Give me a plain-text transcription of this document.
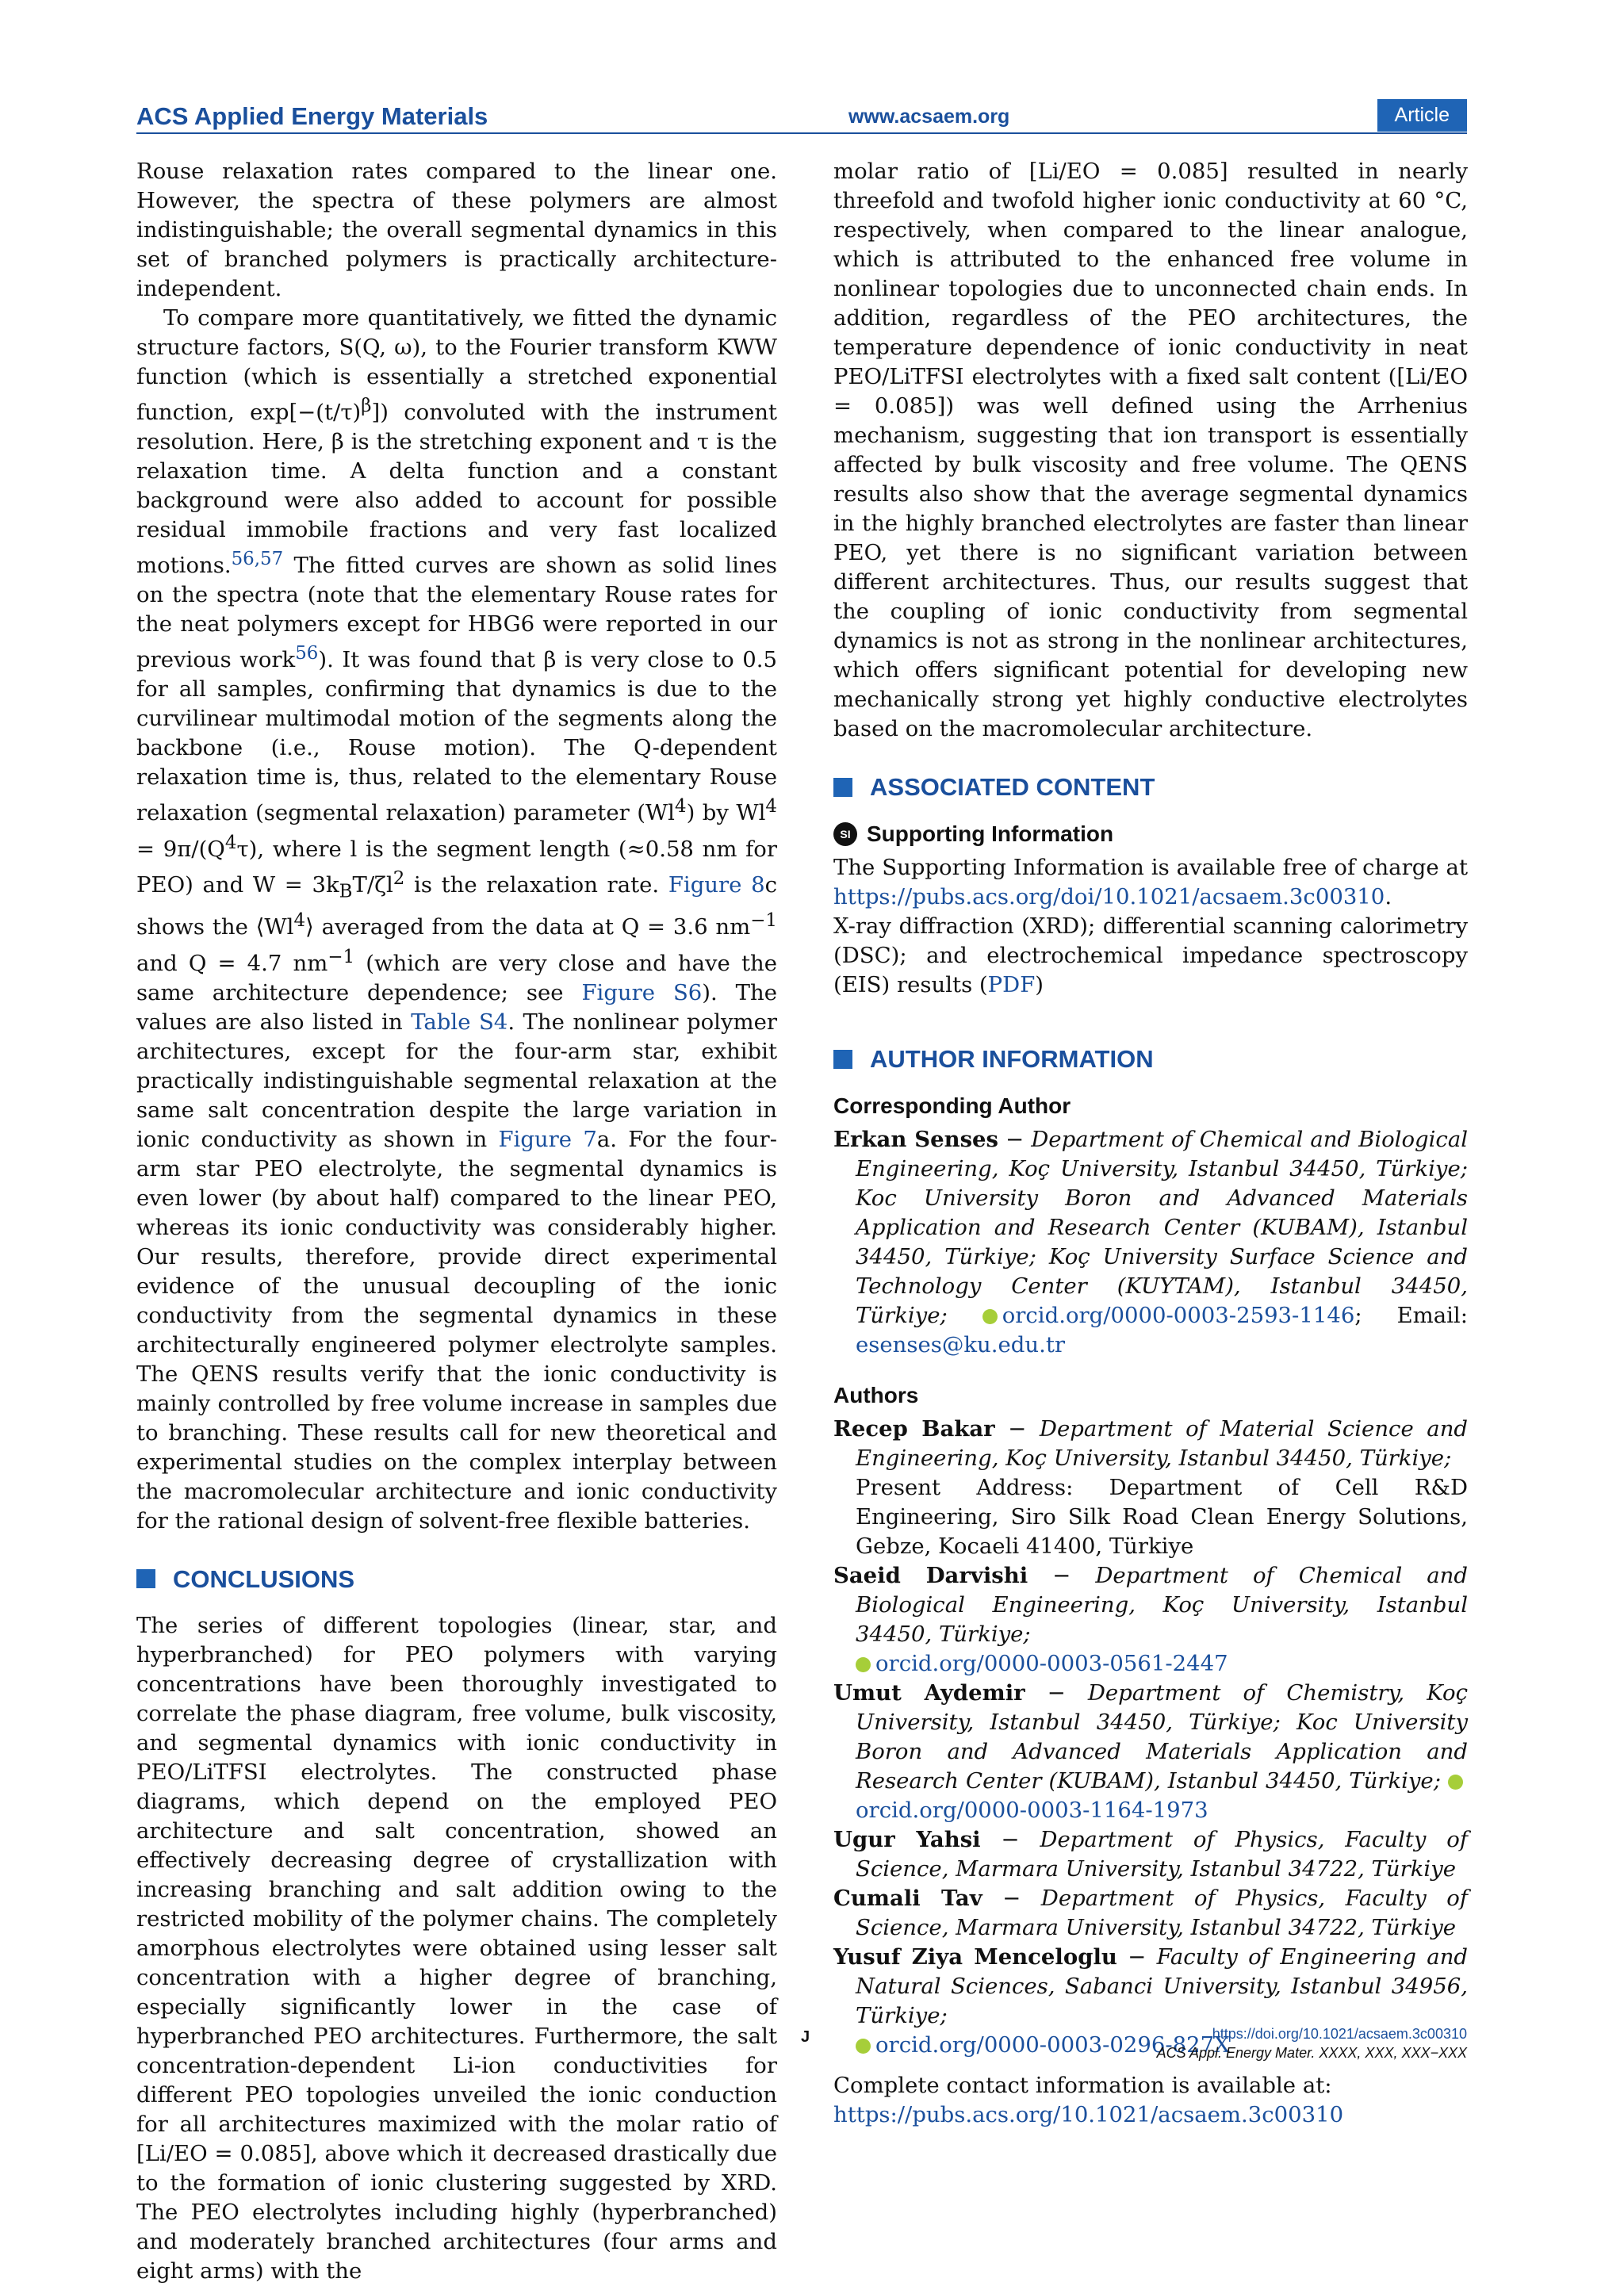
ACS Applied Energy Materials	www.acsaem.org	Article

Rouse relaxation rates compared to the linear one. However, the spectra of these polymers are almost indistinguishable; the overall segmental dynamics in this set of branched polymers is practically architecture-independent.

To compare more quantitatively, we fitted the dynamic structure factors, S(Q, ω), to the Fourier transform KWW function (which is essentially a stretched exponential function, $\exp[-(t/\tau)^\beta]$) convoluted with the instrument resolution. Here, β is the stretching exponent and τ is the relaxation time. A delta function and a constant background were also added to account for possible residual immobile fractions and very fast localized motions.$^{56,57}$ The fitted curves are shown as solid lines on the spectra (note that the elementary Rouse rates for the neat polymers except for HBG6 were reported in our previous work$^{56}$). It was found that β is very close to 0.5 for all samples, confirming that dynamics is due to the curvilinear multimodal motion of the segments along the backbone (i.e., Rouse motion). The Q-dependent relaxation time is, thus, related to the elementary Rouse relaxation (segmental relaxation) parameter (Wl$^4$) by $Wl^4 = 9\pi/(Q^4\tau)$, where l is the segment length (≈0.58 nm for PEO) and $W = 3k_BT/\zeta l^2$ is the relaxation rate. Figure 8c shows the ⟨Wl$^4$⟩ averaged from the data at Q = 3.6 $nm^{-1}$ and Q = 4.7 $nm^{-1}$ (which are very close and have the same architecture dependence; see Figure S6). The values are also listed in Table S4. The nonlinear polymer architectures, except for the four-arm star, exhibit practically indistinguishable segmental relaxation at the same salt concentration despite the large variation in ionic conductivity as shown in Figure 7a. For the four-arm star PEO electrolyte, the segmental dynamics is even lower (by about half) compared to the linear PEO, whereas its ionic conductivity was considerably higher. Our results, therefore, provide direct experimental evidence of the unusual decoupling of the ionic conductivity from the segmental dynamics in these architecturally engineered polymer electrolyte samples. The QENS results verify that the ionic conductivity is mainly controlled by free volume increase in samples due to branching. These results call for new theoretical and experimental studies on the complex interplay between the macromolecular architecture and ionic conductivity for the rational design of solvent-free flexible batteries.

CONCLUSIONS

The series of different topologies (linear, star, and hyperbranched) for PEO polymers with varying concentrations have been thoroughly investigated to correlate the phase diagram, free volume, bulk viscosity, and segmental dynamics with ionic conductivity in PEO/LiTFSI electrolytes. The constructed phase diagrams, which depend on the employed PEO architecture and salt concentration, showed an effectively decreasing degree of crystallization with increasing branching and salt addition owing to the restricted mobility of the polymer chains. The completely amorphous electrolytes were obtained using lesser salt concentration with a higher degree of branching, especially significantly lower in the case of hyperbranched PEO architectures. Furthermore, the salt concentration-dependent Li-ion conductivities for different PEO topologies unveiled the ionic conduction for all architectures maximized with the molar ratio of [Li/EO = 0.085], above which it decreased drastically due to the formation of ionic clustering suggested by XRD. The PEO electrolytes including highly (hyperbranched) and moderately branched architectures (four arms and eight arms) with the

molar ratio of [Li/EO = 0.085] resulted in nearly threefold and twofold higher ionic conductivity at 60 °C, respectively, when compared to the linear analogue, which is attributed to the enhanced free volume in nonlinear topologies due to unconnected chain ends. In addition, regardless of the PEO architectures, the temperature dependence of ionic conductivity in neat PEO/LiTFSI electrolytes with a fixed salt content ([Li/EO = 0.085]) was well defined using the Arrhenius mechanism, suggesting that ion transport is essentially affected by bulk viscosity and free volume. The QENS results also show that the average segmental dynamics in the highly branched electrolytes are faster than linear PEO, yet there is no significant variation between different architectures. Thus, our results suggest that the coupling of ionic conductivity from segmental dynamics is not as strong in the nonlinear architectures, which offers significant potential for developing new mechanically strong yet highly conductive electrolytes based on the macromolecular architecture.

ASSOCIATED CONTENT
SI Supporting Information

The Supporting Information is available free of charge at https://pubs.acs.org/doi/10.1021/acsaem.3c00310.

X-ray diffraction (XRD); differential scanning calorimetry (DSC); and electrochemical impedance spectroscopy (EIS) results (PDF)

AUTHOR INFORMATION
Corresponding Author

Erkan Senses − Department of Chemical and Biological Engineering, Koç University, Istanbul 34450, Türkiye; Koc University Boron and Advanced Materials Application and Research Center (KUBAM), Istanbul 34450, Türkiye; Koç University Surface Science and Technology Center (KUYTAM), Istanbul 34450, Türkiye;	orcid.org/0000-0003-2593-1146; Email: esenses@ku.edu.tr

Authors

Recep Bakar − Department of Material Science and Engineering, Koç University, Istanbul 34450, Türkiye;
Present Address: Department of Cell R&D Engineering, Siro Silk Road Clean Energy Solutions, Gebze, Kocaeli 41400, Türkiye

Saeid Darvishi − Department of Chemical and Biological Engineering, Koç University, Istanbul 34450, Türkiye;
orcid.org/0000-0003-0561-2447

Umut Aydemir − Department of Chemistry, Koç University, Istanbul 34450, Türkiye; Koc University Boron and Advanced Materials Application and Research Center (KUBAM), Istanbul 34450, Türkiye; orcid.org/0000-0003-1164-1973

Ugur Yahsi − Department of Physics, Faculty of Science, Marmara University, Istanbul 34722, Türkiye

Cumali Tav − Department of Physics, Faculty of Science, Marmara University, Istanbul 34722, Türkiye

Yusuf Ziya Menceloglu − Faculty of Engineering and Natural Sciences, Sabanci University, Istanbul 34956, Türkiye;
orcid.org/0000-0003-0296-827X

Complete contact information is available at:
https://pubs.acs.org/10.1021/acsaem.3c00310

J	https://doi.org/10.1021/acsaem.3c00310
ACS Appl. Energy Mater. XXXX, XXX, XXX−XXX
